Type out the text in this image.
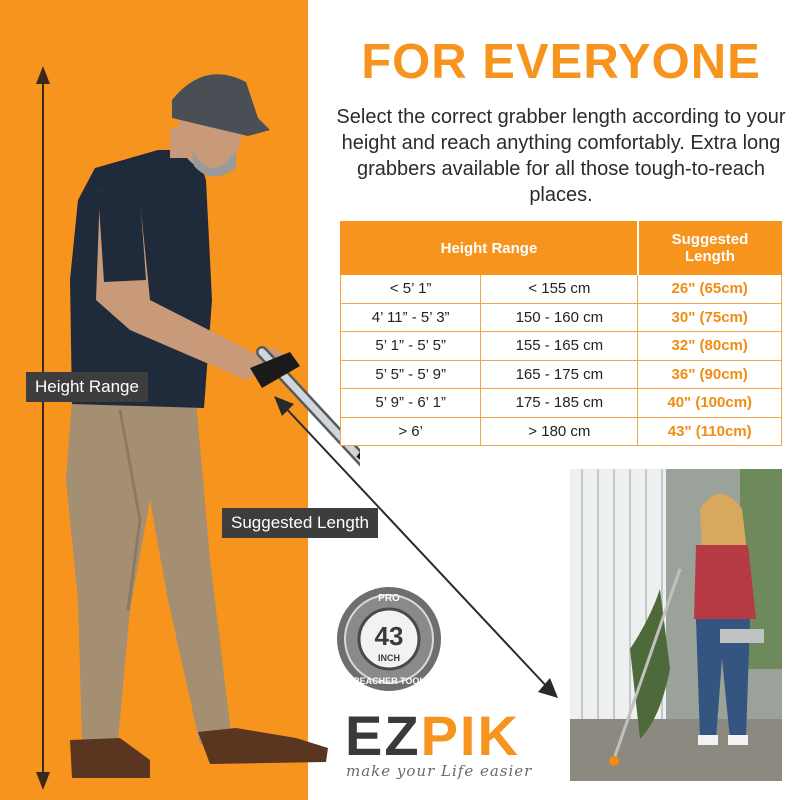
FOR EVERYONE
Select the correct grabber length according to your height and reach anything comfortably. Extra long grabbers available for all those tough-to-reach places.
Height Range		Suggested
Length

< 5’ 1”	< 155 cm	26" (65cm)
4’ 11” - 5’ 3”	150 - 160 cm	30" (75cm)
5’ 1” - 5’ 5”	155 - 165 cm	32" (80cm)
5’ 5” - 5’ 9”	165 - 175 cm	36" (90cm)
5’ 9” - 6’ 1”	175 - 185 cm	40" (100cm)
> 6’	> 180 cm	43" (110cm)
Height Range
Suggested Length
PRO
43
INCH
REACHER TOOL
EZPIK
make your Life easier
